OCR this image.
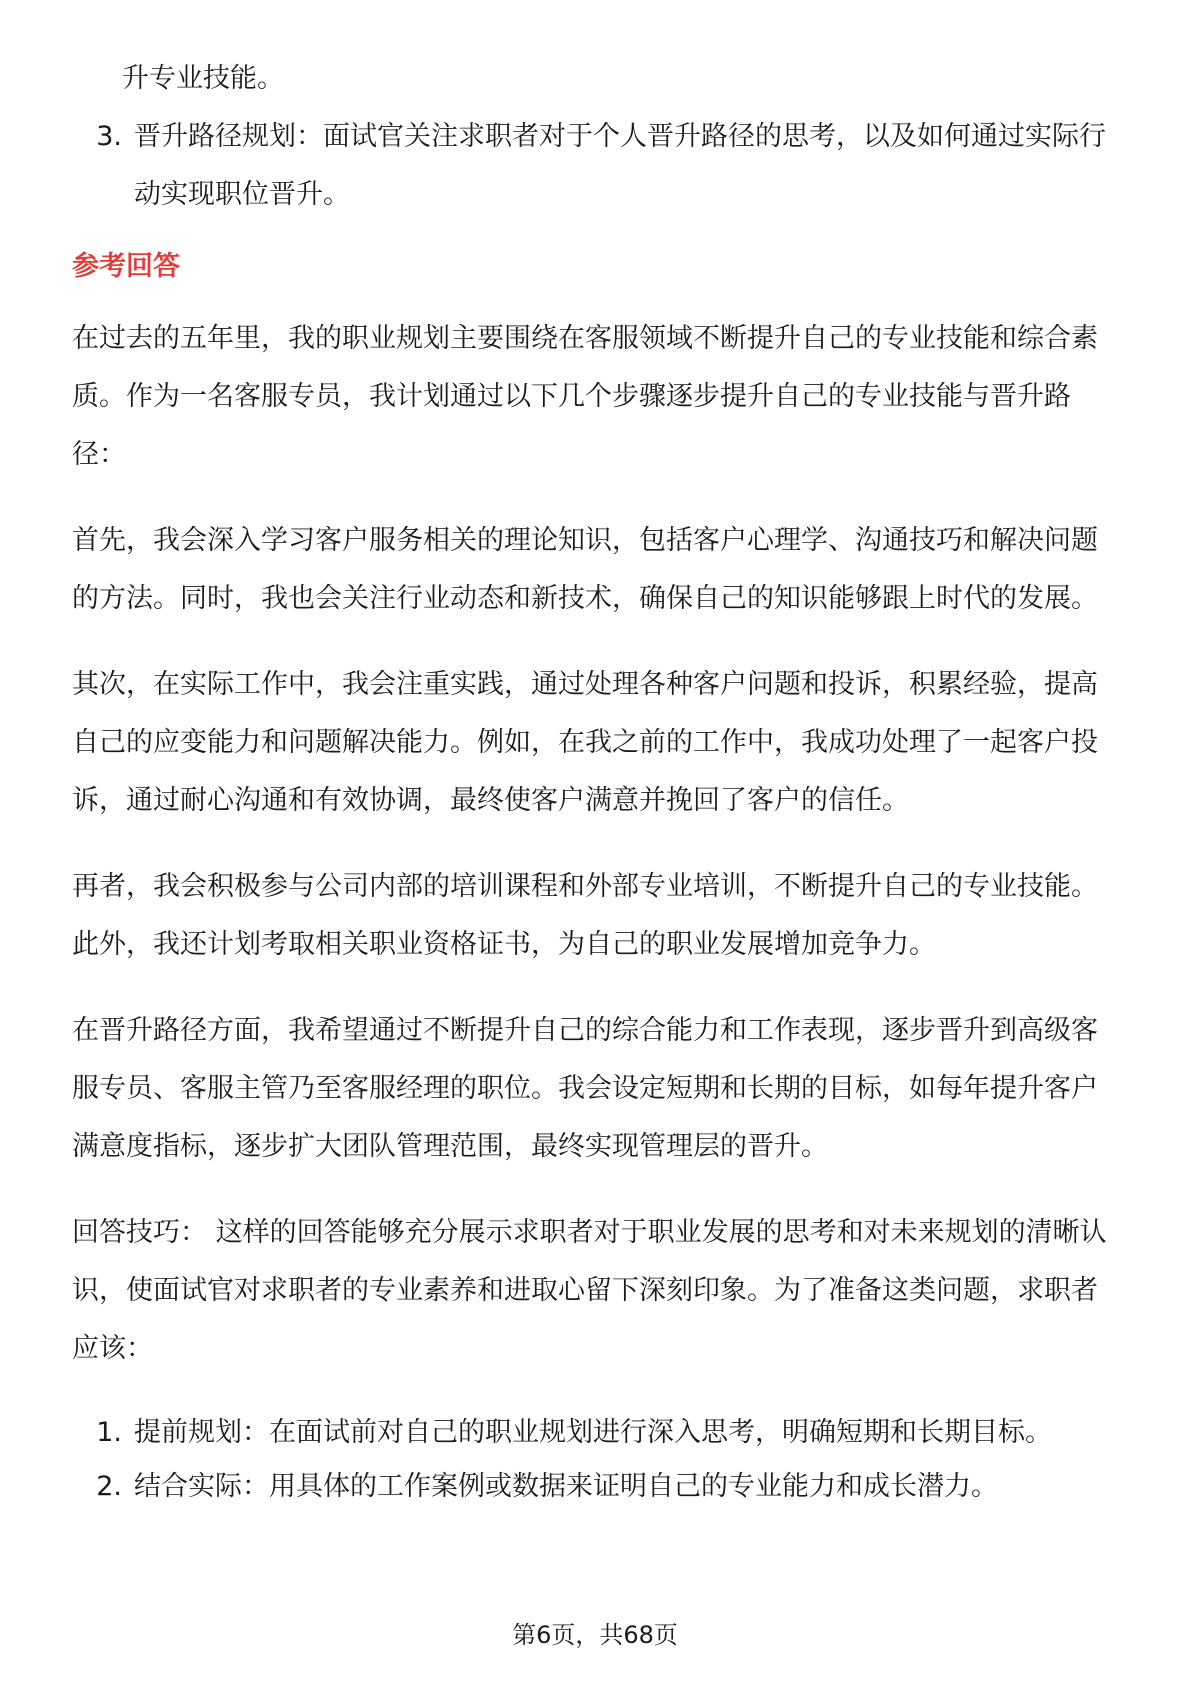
升专业技能。
3. 晋升路径规划：面试官关注求职者对于个人晋升路径的思考，以及如何通过实际行动实现职位晋升。
参考回答

在过去的五年里，我的职业规划主要围绕在客服领域不断提升自己的专业技能和综合素质。作为一名客服专员，我计划通过以下几个步骤逐步提升自己的专业技能与晋升路径：

首先，我会深入学习客户服务相关的理论知识，包括客户心理学、沟通技巧和解决问题的方法。同时，我也会关注行业动态和新技术，确保自己的知识能够跟上时代的发展。

其次，在实际工作中，我会注重实践，通过处理各种客户问题和投诉，积累经验，提高自己的应变能力和问题解决能力。例如，在我之前的工作中，我成功处理了一起客户投诉，通过耐心沟通和有效协调，最终使客户满意并挽回了客户的信任。

再者，我会积极参与公司内部的培训课程和外部专业培训，不断提升自己的专业技能。此外，我还计划考取相关职业资格证书，为自己的职业发展增加竞争力。

在晋升路径方面，我希望通过不断提升自己的综合能力和工作表现，逐步晋升到高级客服专员、客服主管乃至客服经理的职位。我会设定短期和长期的目标，如每年提升客户满意度指标，逐步扩大团队管理范围，最终实现管理层的晋升。

回答技巧： 这样的回答能够充分展示求职者对于职业发展的思考和对未来规划的清晰认识，使面试官对求职者的专业素养和进取心留下深刻印象。为了准备这类问题，求职者应该：

1. 提前规划：在面试前对自己的职业规划进行深入思考，明确短期和长期目标。
2. 结合实际：用具体的工作案例或数据来证明自己的专业能力和成长潜力。
第6页，共68页
